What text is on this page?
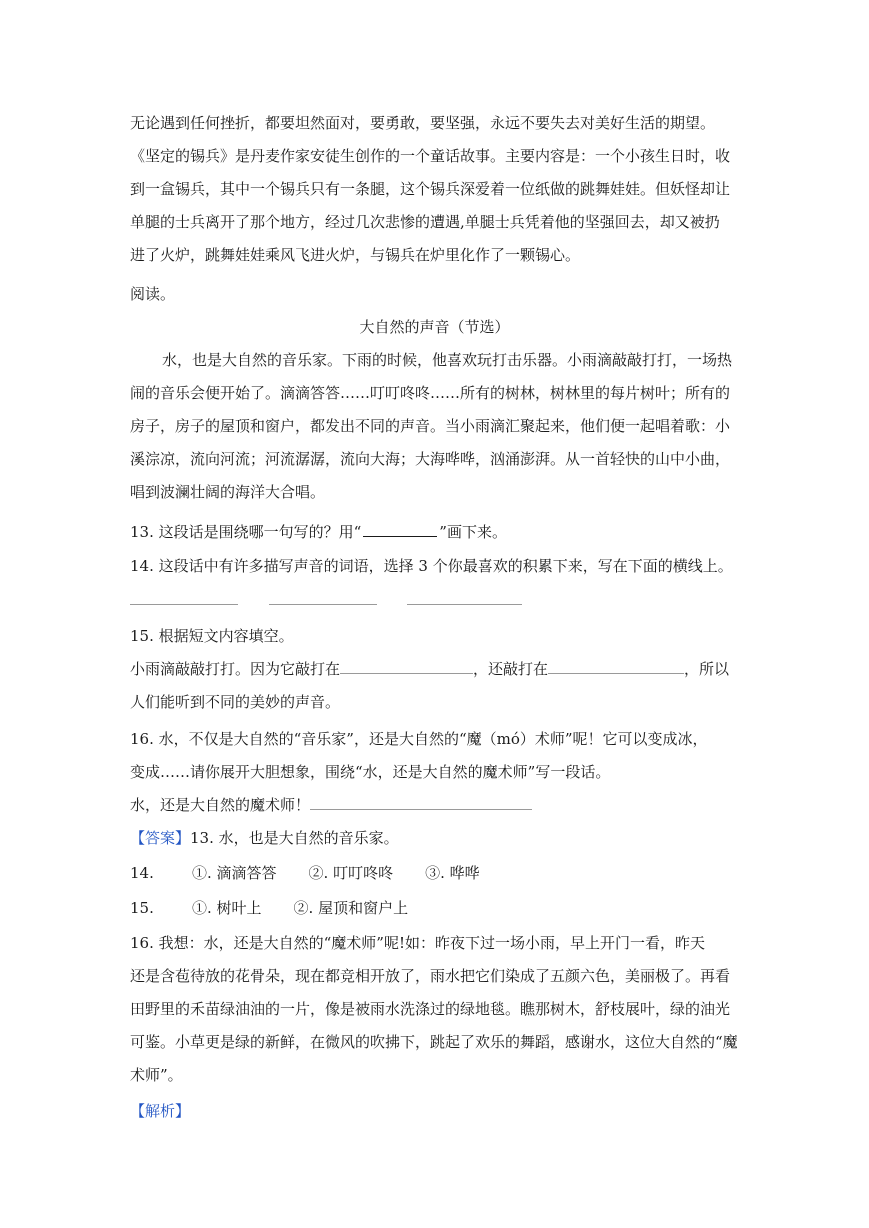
无论遇到任何挫折，都要坦然面对，要勇敢，要坚强，永远不要失去对美好生活的期望。
《坚定的锡兵》是丹麦作家安徒生创作的一个童话故事。主要内容是：一个小孩生日时，收
到一盒锡兵，其中一个锡兵只有一条腿，这个锡兵深爱着一位纸做的跳舞娃娃。但妖怪却让
单腿的士兵离开了那个地方，经过几次悲惨的遭遇,单腿士兵凭着他的坚强回去，却又被扔
进了火炉，跳舞娃娃乘风飞进火炉，与锡兵在炉里化作了一颗锡心。
阅读。
大自然的声音（节选）
水，也是大自然的音乐家。下雨的时候，他喜欢玩打击乐器。小雨滴敲敲打打，一场热
闹的音乐会便开始了。滴滴答答……叮叮咚咚……所有的树林，树林里的每片树叶；所有的
房子，房子的屋顶和窗户，都发出不同的声音。当小雨滴汇聚起来，他们便一起唱着歌：小
溪淙凉，流向河流；河流潺潺，流向大海；大海哗哗，汹涌澎湃。从一首轻快的山中小曲，
唱到波澜壮阔的海洋大合唱。
13. 这段话是围绕哪一句写的？用“	”画下来。
14. 这段话中有许多描写声音的词语，选择 3 个你最喜欢的积累下来，写在下面的横线上。
15. 根据短文内容填空。
小雨滴敲敲打打。因为它敲打在	，还敲打在	，所以
人们能听到不同的美妙的声音。
16. 水，不仅是大自然的“音乐家”，还是大自然的“魔（mó）术师”呢！它可以变成冰，
变成……请你展开大胆想象，围绕“水，还是大自然的魔术师”写一段话。
水，还是大自然的魔术师！
【答案】13. 水，也是大自然的音乐家。
14.	①. 滴滴答答 ②. 叮叮咚咚 ③. 哗哗
15.	①. 树叶上 ②. 屋顶和窗户上
16. 我想：水，还是大自然的“魔术师”呢!如：昨夜下过一场小雨，早上开门一看，昨天
还是含苞待放的花骨朵，现在都竞相开放了，雨水把它们染成了五颜六色，美丽极了。再看
田野里的禾苗绿油油的一片，像是被雨水洗涤过的绿地毯。瞧那树木，舒枝展叶，绿的油光
可鉴。小草更是绿的新鲜，在微风的吹拂下，跳起了欢乐的舞蹈，感谢水，这位大自然的“魔
术师”。
【解析】
